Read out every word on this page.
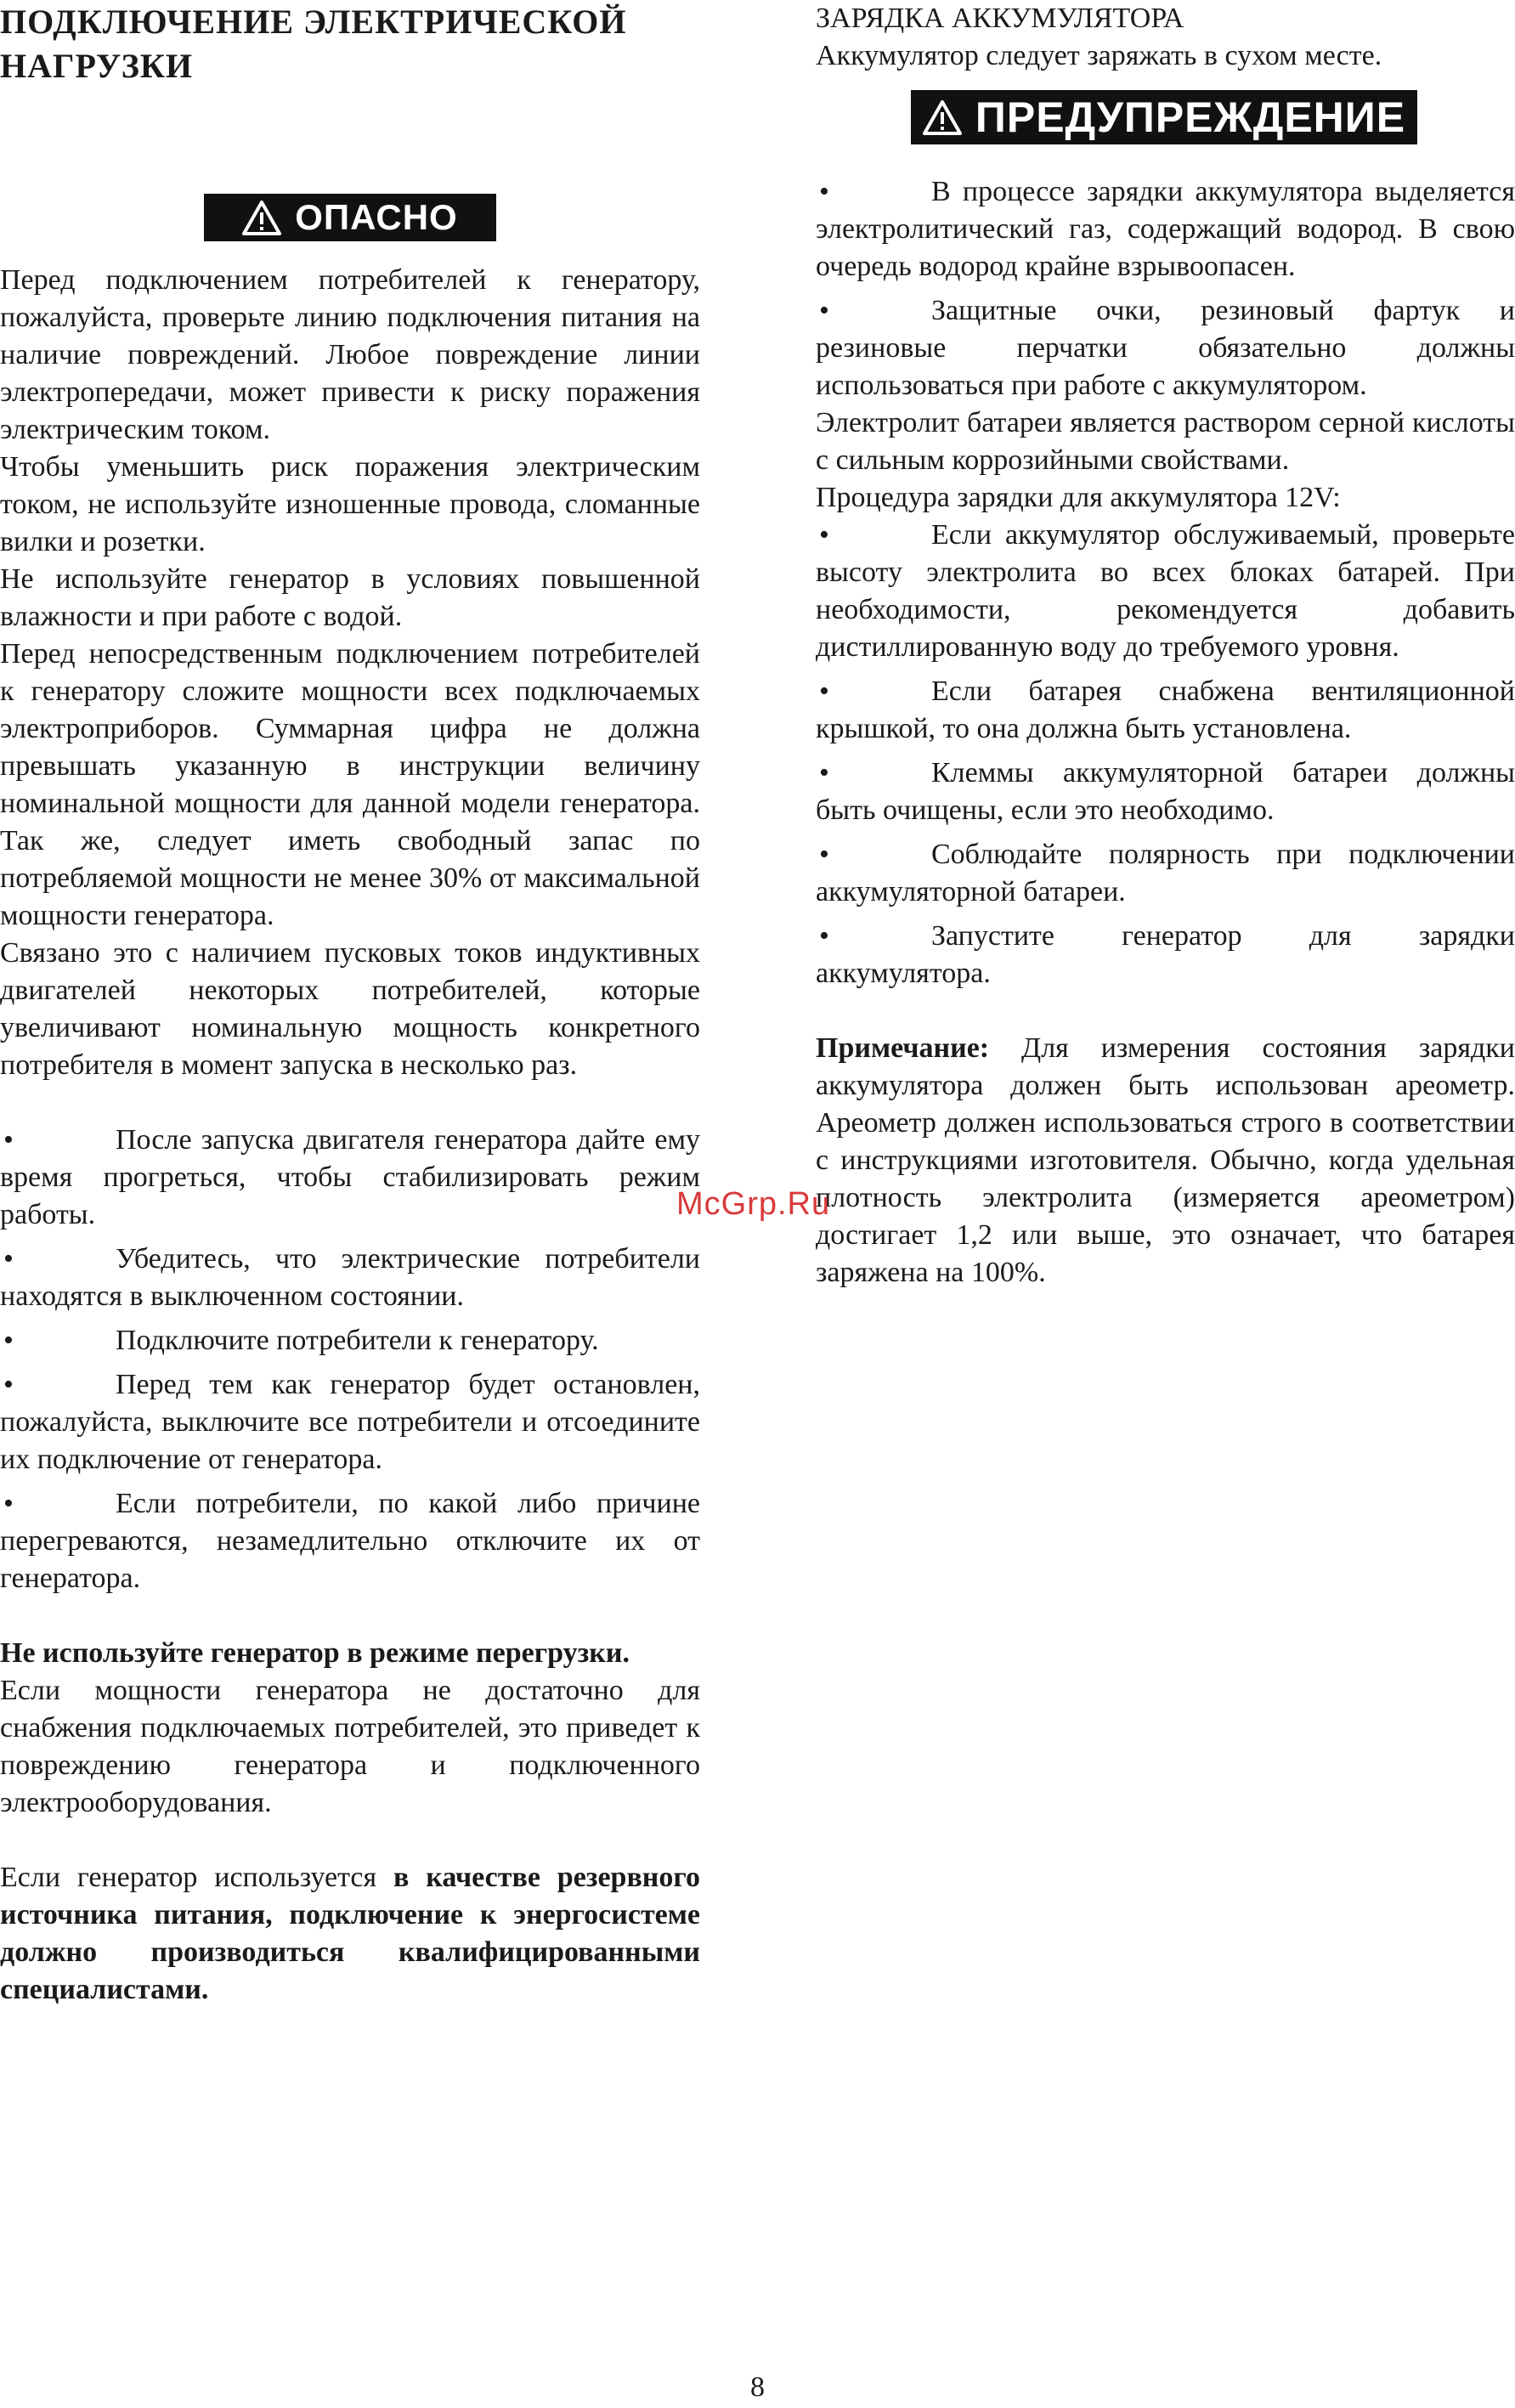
ПОДКЛЮЧЕНИЕ ЭЛЕКТРИЧЕСКОЙ
НАГРУЗКИ
ОПАСНО

Перед подключением потребителей к генератору, пожалуйста, проверьте линию подключения питания на наличие повреждений. Любое повреждение линии электропередачи, может привести к риску поражения электрическим током.

Чтобы уменьшить риск поражения электрическим током, не используйте изношенные провода, сломанные вилки и розетки.

Не используйте генератор в условиях повышенной влажности и при работе с водой.

Перед непосредственным подключением потребителей к генератору сложите мощности всех подключаемых электроприборов. Суммарная цифра не должна превышать указанную в инструкции величину номинальной мощности для данной модели генератора. Так же, следует иметь свободный запас по потребляемой мощности не менее 30% от максимальной мощности генератора.

Связано это с наличием пусковых токов индуктивных двигателей некоторых потребителей, которые увеличивают номинальную мощность конкретного потребителя в момент запуска в несколько раз.

•	После запуска двигателя генератора дайте ему время прогреться, чтобы стабилизировать режим работы.
•	Убедитесь, что электрические потребители находятся в выключенном состоянии.
•	Подключите потребители к генератору.
•	Перед тем как генератор будет остановлен, пожалуйста, выключите все потребители и отсоедините их подключение от генератора.
•	Если потребители, по какой либо причине перегреваются, незамедлительно отключите их от генератора.

Не используйте генератор в режиме перегрузки.

Если мощности генератора не достаточно для снабжения подключаемых потребителей, это приведет к повреждению генератора и подключенного электрооборудования.

Если генератор используется в качестве резервного источника питания, подключение к энергосистеме должно производиться квалифицированными специалистами.

ЗАРЯДКА АККУМУЛЯТОРА

Аккумулятор следует заряжать в сухом месте.

ПРЕДУПРЕЖДЕНИЕ
•	В процессе зарядки аккумулятора выделяется электролитический газ, содержащий водород. В свою очередь водород крайне взрывоопасен.
•	Защитные очки, резиновый фартук и резиновые перчатки обязательно должны использоваться при работе с аккумулятором.

Электролит батареи является раствором серной кислоты с сильным коррозийными свойствами.

Процедура зарядки для аккумулятора 12V:

•	Если аккумулятор обслуживаемый, проверьте высоту электролита во всех блоках батарей. При необходимости, рекомендуется добавить дистиллированную воду до требуемого уровня.
•	Если батарея снабжена вентиляционной крышкой, то она должна быть установлена.
•	Клеммы аккумуляторной батареи должны быть очищены, если это необходимо.
•	Соблюдайте полярность при подключении аккумуляторной батареи.
•	Запустите генератор для зарядки аккумулятора.

Примечание: Для измерения состояния зарядки аккумулятора должен быть использован ареометр. Ареометр должен использоваться строго в соответствии с инструкциями изготовителя. Обычно, когда удельная плотность электролита (измеряется ареометром) достигает 1,2 или выше, это означает, что батарея заряжена на 100%.

McGrp.Ru
8
